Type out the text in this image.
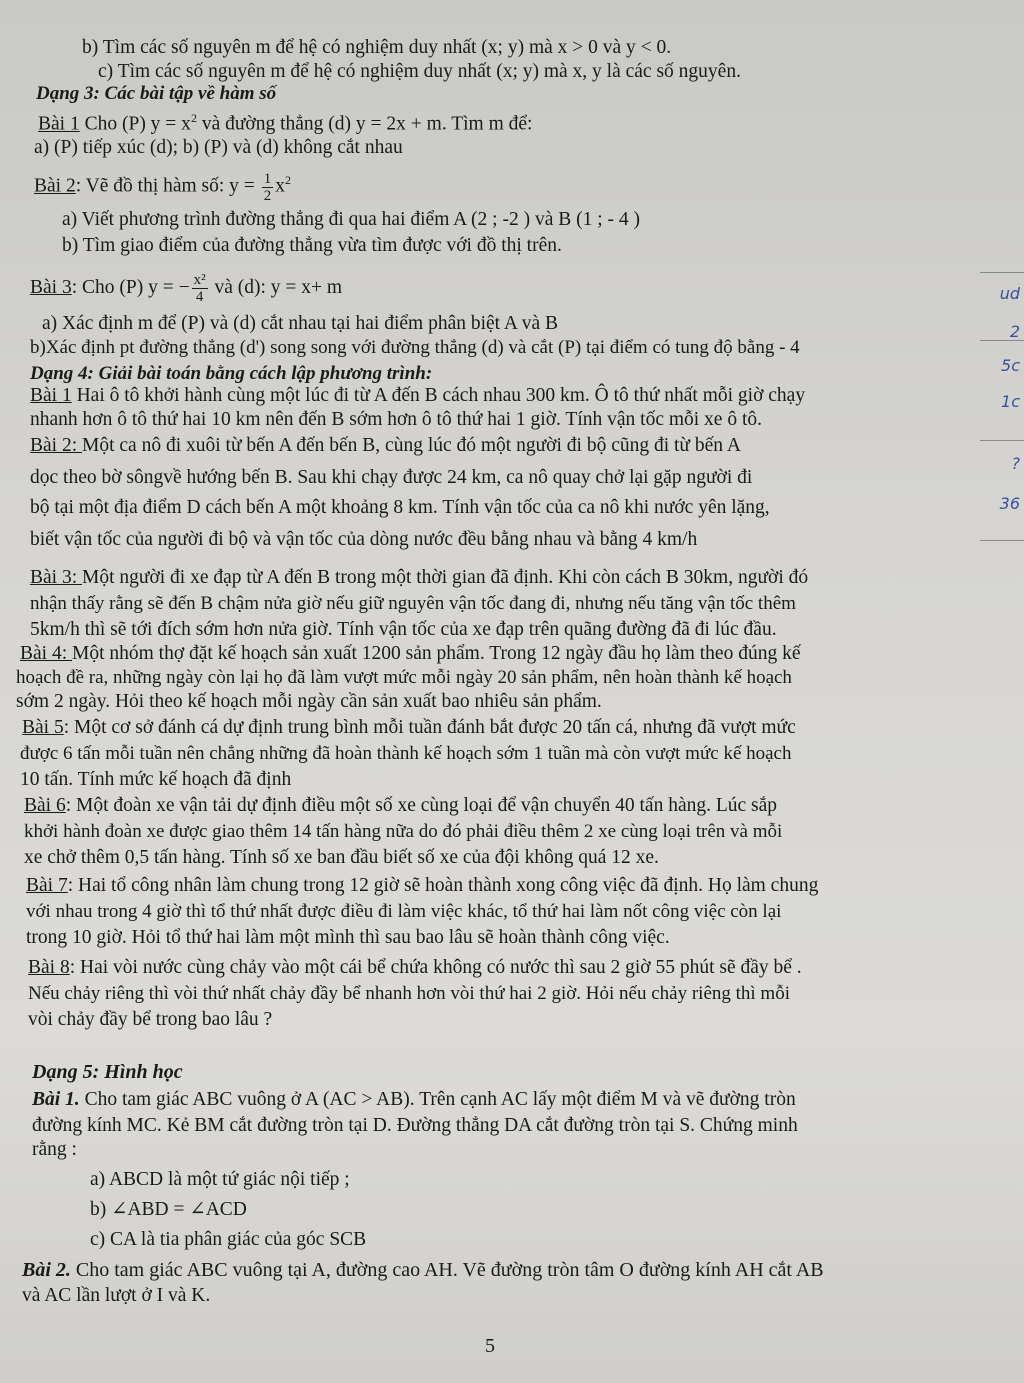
b) Tìm các số nguyên m để hệ có nghiệm duy nhất (x; y) mà x > 0 và y < 0.
c) Tìm các số nguyên m để hệ có nghiệm duy nhất (x; y) mà x, y là các số nguyên.
Dạng 3: Các bài tập về hàm số
Bài 1 Cho (P) $y = x^2$ và đường thẳng (d) y = 2x + m. Tìm m để:
a) (P) tiếp xúc (d); b) (P) và (d) không cắt nhau
Bài 2: Vẽ đồ thị hàm số: $y = \frac{1}{2} x^2$
a) Viết phương trình đường thẳng đi qua hai điểm A (2 ; -2 ) và B (1 ; - 4 )
b) Tìm giao điểm của đường thẳng vừa tìm được với đồ thị trên.
Bài 3: Cho (P) y = − $\frac{\text{x²}}{4}$ và (d): y = x+ m
a) Xác định m để (P) và (d) cắt nhau tại hai điểm phân biệt A và B
b)Xác định pt đường thẳng (d') song song với đường thẳng (d) và cắt (P) tại điểm có tung độ bằng - 4
Dạng 4: Giải bài toán bằng cách lập phương trình:
Bài 1 Hai ô tô khởi hành cùng một lúc đi từ A đến B cách nhau 300 km. Ô tô thứ nhất mỗi giờ chạy
nhanh hơn ô tô thứ hai 10 km nên đến B sớm hơn ô tô thứ hai 1 giờ. Tính vận tốc mỗi xe ô tô.
Bài 2: Một ca nô đi xuôi từ bến A đến bến B, cùng lúc đó một người đi bộ cũng đi từ bến A
dọc theo bờ sôngvề hướng bến B. Sau khi chạy được 24 km, ca nô quay chở lại gặp người đi
bộ tại một địa điểm D cách bến A một khoảng 8 km. Tính vận tốc của ca nô khi nước yên lặng,
biết vận tốc của người đi bộ và vận tốc của dòng nước đều bằng nhau và bằng 4 km/h
Bài 3: Một người đi xe đạp từ A đến B trong một thời gian đã định. Khi còn cách B 30km, người đó
nhận thấy rằng sẽ đến B chậm nửa giờ nếu giữ nguyên vận tốc đang đi, nhưng nếu tăng vận tốc thêm
5km/h thì sẽ tới đích sớm hơn nửa giờ. Tính vận tốc của xe đạp trên quãng đường đã đi lúc đầu.
Bài 4: Một nhóm thợ đặt kế hoạch sản xuất 1200 sản phẩm. Trong 12 ngày đầu họ làm theo đúng kế
hoạch đề ra, những ngày còn lại họ đã làm vượt mức mỗi ngày 20 sản phẩm, nên hoàn thành kế hoạch
sớm 2 ngày. Hỏi theo kế hoạch mỗi ngày cần sản xuất bao nhiêu sản phẩm.
Bài 5: Một cơ sở đánh cá dự định trung bình mỗi tuần đánh bắt được 20 tấn cá, nhưng đã vượt mức
được 6 tấn mỗi tuần nên chẳng những đã hoàn thành kế hoạch sớm 1 tuần mà còn vượt mức kế hoạch
10 tấn. Tính mức kế hoạch đã định
Bài 6: Một đoàn xe vận tải dự định điều một số xe cùng loại để vận chuyển 40 tấn hàng. Lúc sắp
khởi hành đoàn xe được giao thêm 14 tấn hàng nữa do đó phải điều thêm 2 xe cùng loại trên và mỗi
xe chở thêm 0,5 tấn hàng. Tính số xe ban đầu biết số xe của đội không quá 12 xe.
Bài 7: Hai tổ công nhân làm chung trong 12 giờ sẽ hoàn thành xong công việc đã định. Họ làm chung
với nhau trong 4 giờ thì tổ thứ nhất được điều đi làm việc khác, tổ thứ hai làm nốt công việc còn lại
trong 10 giờ. Hỏi tổ thứ hai làm một mình thì sau bao lâu sẽ hoàn thành công việc.
Bài 8: Hai vòi nước cùng chảy vào một cái bể chứa không có nước thì sau 2 giờ 55 phút sẽ đầy bể .
Nếu chảy riêng thì vòi thứ nhất chảy đầy bể nhanh hơn vòi thứ hai 2 giờ. Hỏi nếu chảy riêng thì mỗi
vòi chảy đầy bể trong bao lâu ?
Dạng 5: Hình học
Bài 1. Cho tam giác ABC vuông ở A (AC > AB). Trên cạnh AC lấy một điểm M và vẽ đường tròn
đường kính MC. Kẻ BM cắt đường tròn tại D. Đường thẳng DA cắt đường tròn tại S. Chứng minh
rằng :
a) ABCD là một tứ giác nội tiếp ;
b) ∠ABD = ∠ACD
c) CA là tia phân giác của góc SCB
Bài 2. Cho tam giác ABC vuông tại A, đường cao AH. Vẽ đường tròn tâm O đường kính AH cắt AB
và AC lần lượt ở I và K.
5
ud
2
5c
1c
?
36
